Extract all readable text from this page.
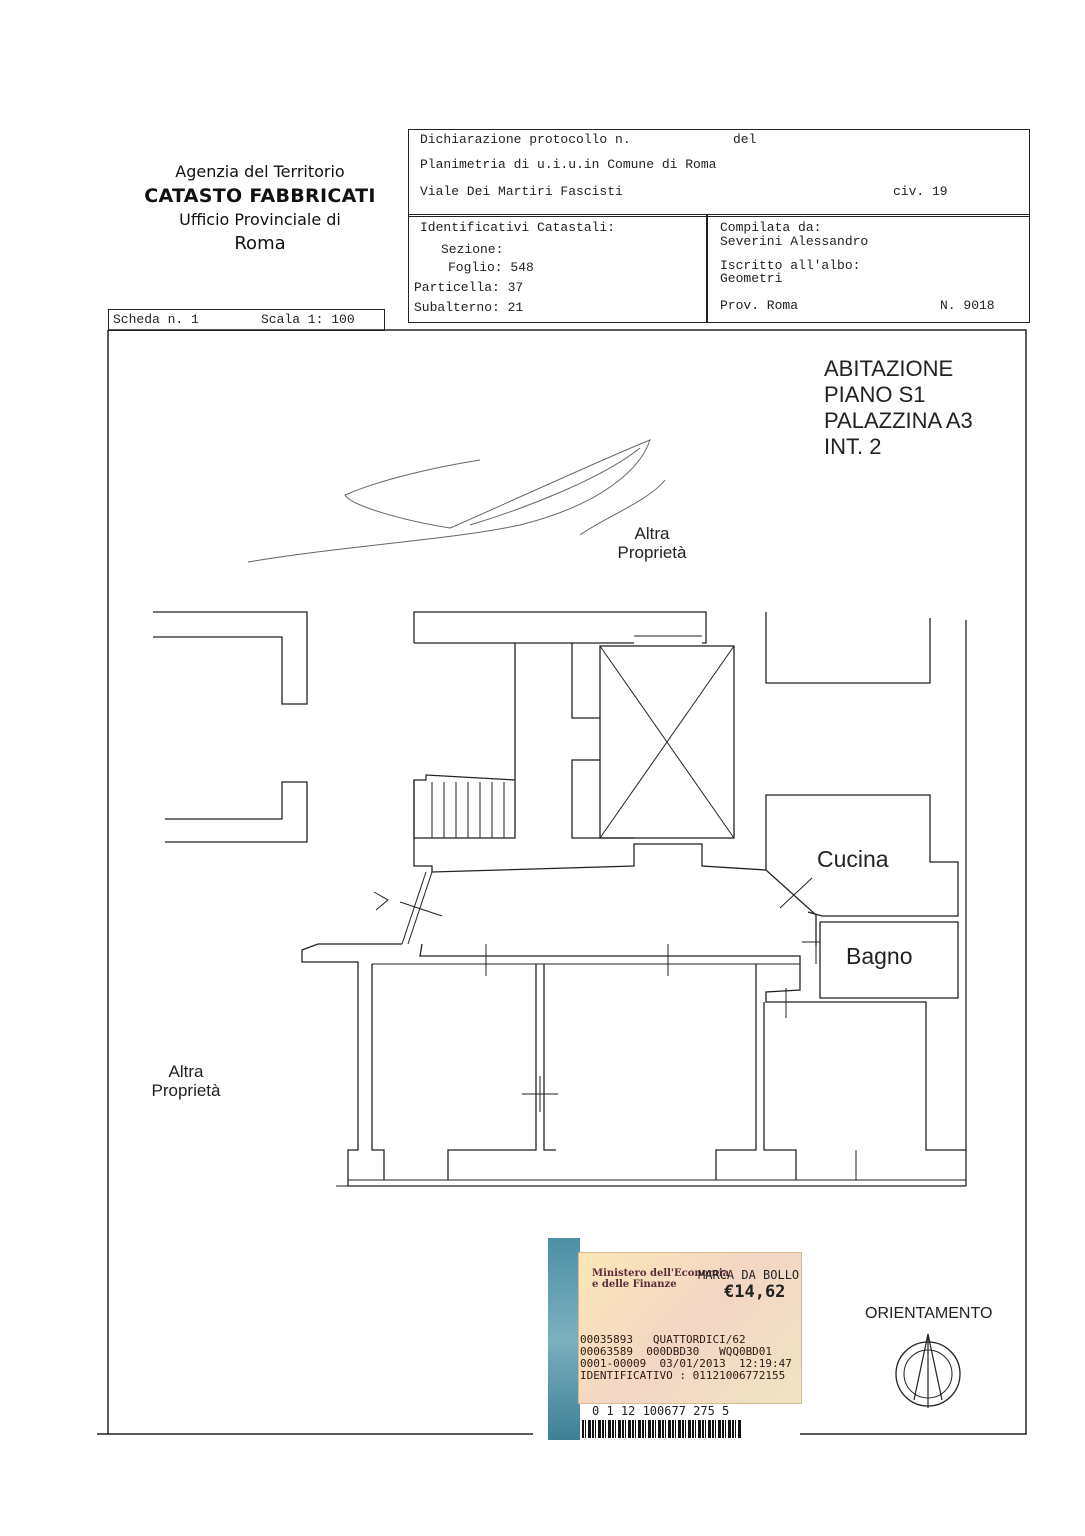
Agenzia del Territorio
CATASTO FABBRICATI
Ufficio Provinciale di
Roma
Dichiarazione protocollo n.	del
Planimetria di u.i.u.in Comune di Roma
Viale Dei Martiri Fascisti	civ. 19
Identificativi Catastali:
Sezione:
Foglio: 548
Particella: 37
Subalterno: 21
Compilata da:
Severini Alessandro
Iscritto all'albo:
Geometri
Prov. Roma	N. 9018
Scheda n. 1	Scala 1: 100
ABITAZIONE
PIANO S1
PALAZZINA A3
INT. 2
Altra
Proprietà
Altra
Proprietà
Cucina
Bagno
ORIENTAMENTO
Ministero dell'Economia
e delle Finanze
MARCA DA BOLLO
€14,62
00035893   QUATTORDICI/62
00063589  000DBD30   WQQ0BD01
0001-00009  03/01/2013  12:19:47
IDENTIFICATIVO : 01121006772155
0 1 12 100677 275 5
